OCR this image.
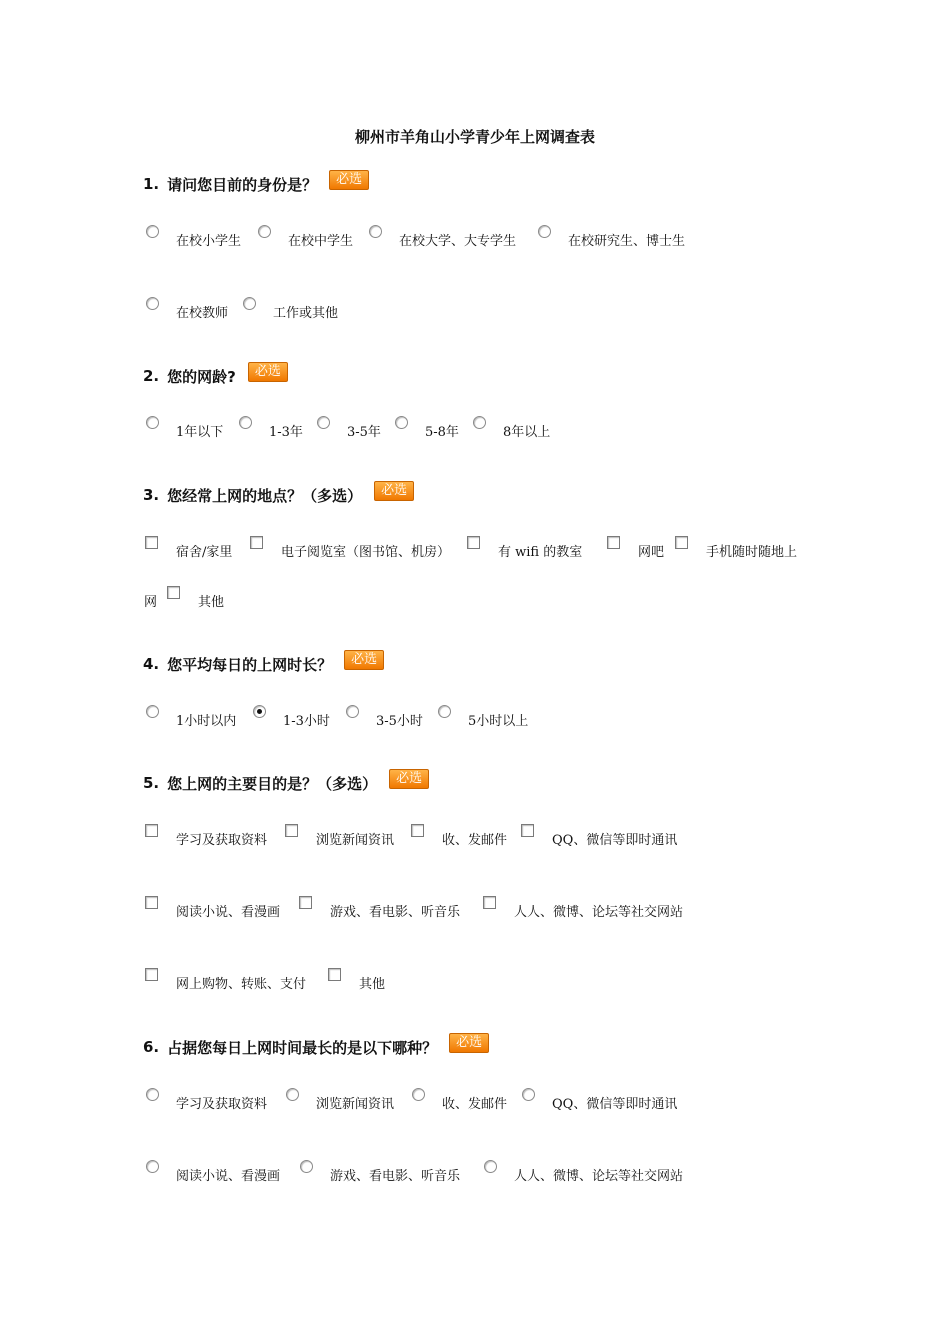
柳州市羊角山小学青少年上网调查表
1. 请问您目前的身份是？	必选
在校小学生	在校中学生	在校大学、大专学生	在校研究生、博士生
在校教师	工作或其他
2. 您的网龄?	必选
1年以下	1-3年	3-5年	5-8年	8年以上
3. 您经常上网的地点？（多选）	必选
宿舍/家里	电子阅览室（图书馆、机房）	有 wifi 的教室	网吧	手机随时随地上
网	其他
4. 您平均每日的上网时长？	必选
1小时以内	1-3小时	3-5小时	5小时以上
5. 您上网的主要目的是？（多选）	必选
学习及获取资料	浏览新闻资讯	收、发邮件	QQ、微信等即时通讯
阅读小说、看漫画	游戏、看电影、听音乐	人人、微博、论坛等社交网站
网上购物、转账、支付	其他
6. 占据您每日上网时间最长的是以下哪种？	必选
学习及获取资料	浏览新闻资讯	收、发邮件	QQ、微信等即时通讯
阅读小说、看漫画	游戏、看电影、听音乐	人人、微博、论坛等社交网站
